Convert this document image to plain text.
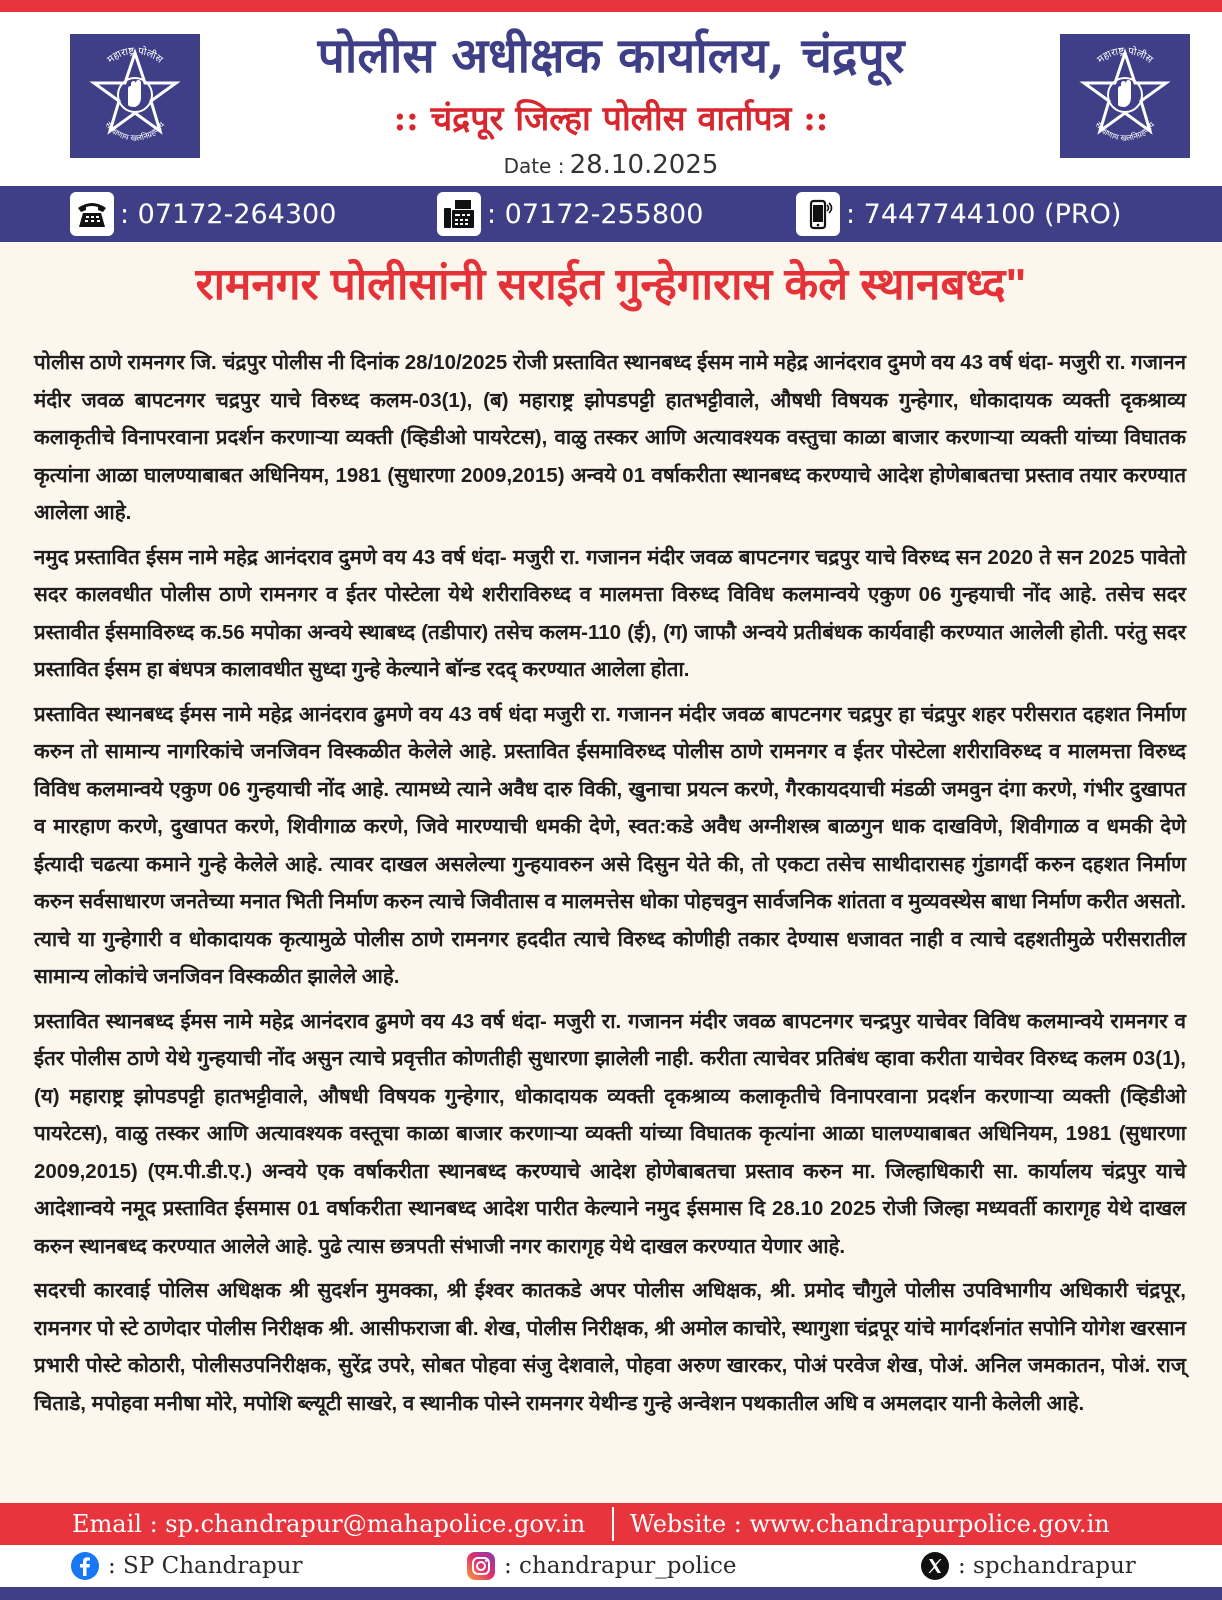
महाराष्ट्र पोलीस
सद्रक्षणाय खलनिग्रहणाय
पोलीस अधीक्षक कार्यालय, चंद्रपूर
:: चंद्रपूर जिल्हा पोलीस वार्तापत्र ::
Date : 28.10.2025
महाराष्ट्र पोलीस
सद्रक्षणाय खलनिग्रहणाय
: 07172-264300	: 07172-255800	: 7447744100 (PRO)
रामनगर पोलीसांनी सराईत गुन्हेगारास केले स्थानबध्द"

पोलीस ठाणे रामनगर जि. चंद्रपुर पोलीस नी दिनांक 28/10/2025 रोजी प्रस्तावित स्थानबध्द ईसम नामे महेद्र आनंदराव दुमणे वय 43 वर्ष धंदा- मजुरी रा. गजानन मंदीर जवळ बापटनगर चद्रपुर याचे विरुध्द कलम-03(1), (ब) महाराष्ट्र झोपडपट्टी हातभट्टीवाले, औषधी विषयक गुन्हेगार, धोकादायक व्यक्ती दृकश्राव्य कलाकृतीचे विनापरवाना प्रदर्शन करणाऱ्या व्यक्ती (व्हिडीओ पायरेटस), वाळु तस्कर आणि अत्यावश्यक वस्तुचा काळा बाजार करणाऱ्या व्यक्ती यांच्या विघातक कृत्यांना आळा घालण्याबाबत अधिनियम, 1981 (सुधारणा 2009,2015) अन्वये 01 वर्षाकरीता स्थानबध्द करण्याचे आदेश होणेबाबतचा प्रस्ताव तयार करण्यात आलेला आहे.

नमुद प्रस्तावित ईसम नामे महेद्र आनंदराव दुमणे वय 43 वर्ष धंदा- मजुरी रा. गजानन मंदीर जवळ बापटनगर चद्रपुर याचे विरुध्द सन 2020 ते सन 2025 पावेतो सदर कालवधीत पोलीस ठाणे रामनगर व ईतर पोस्टेला येथे शरीराविरुध्द व मालमत्ता विरुध्द विविध कलमान्वये एकुण 06 गुन्हयाची नोंद आहे. तसेच सदर प्रस्तावीत ईसमाविरुध्द क.56 मपोका अन्वये स्थाबध्द (तडीपार) तसेच कलम-110 (ई), (ग) जाफौ अन्वये प्रतीबंधक कार्यवाही करण्यात आलेली होती. परंतु सदर प्रस्तावित ईसम हा बंधपत्र कालावधीत सुध्दा गुन्हे केल्याने बॉन्ड रदद् करण्यात आलेला होता.

प्रस्तावित स्थानबध्द ईमस नामे महेद्र आनंदराव ढुमणे वय 43 वर्ष धंदा मजुरी रा. गजानन मंदीर जवळ बापटनगर चद्रपुर हा चंद्रपुर शहर परीसरात दहशत निर्माण करुन तो सामान्य नागरिकांचे जनजिवन विस्कळीत केलेले आहे. प्रस्तावित ईसमाविरुध्द पोलीस ठाणे रामनगर व ईतर पोस्टेला शरीराविरुध्द व मालमत्ता विरुध्द विविध कलमान्वये एकुण 06 गुन्हयाची नोंद आहे. त्यामध्ये त्याने अवैध दारु विकी, खुनाचा प्रयत्न करणे, गैरकायदयाची मंडळी जमवुन दंगा करणे, गंभीर दुखापत व मारहाण करणे, दुखापत करणे, शिवीगाळ करणे, जिवे मारण्याची धमकी देणे, स्वत:कडे अवैध अग्नीशस्त्र बाळगुन धाक दाखविणे, शिवीगाळ व धमकी देणे ईत्यादी चढत्या कमाने गुन्हे केलेले आहे. त्यावर दाखल असलेल्या गुन्हयावरुन असे दिसुन येते की, तो एकटा तसेच साथीदारासह गुंडागर्दी करुन दहशत निर्माण करुन सर्वसाधारण जनतेच्या मनात भिती निर्माण करुन त्याचे जिवीतास व मालमत्तेस धोका पोहचवुन सार्वजनिक शांतता व मुव्यवस्थेस बाधा निर्माण करीत असतो. त्याचे या गुन्हेगारी व धोकादायक कृत्यामुळे पोलीस ठाणे रामनगर हददीत त्याचे विरुध्द कोणीही तकार देण्यास धजावत नाही व त्याचे दहशतीमुळे परीसरातील सामान्य लोकांचे जनजिवन विस्कळीत झालेले आहे.

प्रस्तावित स्थानबध्द ईमस नामे महेद्र आनंदराव ढुमणे वय 43 वर्ष धंदा- मजुरी रा. गजानन मंदीर जवळ बापटनगर चन्द्रपुर याचेवर विविध कलमान्वये रामनगर व ईतर पोलीस ठाणे येथे गुन्हयाची नोंद असुन त्याचे प्रवृत्तीत कोणतीही सुधारणा झालेली नाही. करीता त्याचेवर प्रतिबंध व्हावा करीता याचेवर विरुध्द कलम 03(1), (य) महाराष्ट्र झोपडपट्टी हातभट्टीवाले, औषधी विषयक गुन्हेगार, धोकादायक व्यक्ती दृकश्राव्य कलाकृतीचे विनापरवाना प्रदर्शन करणाऱ्या व्यक्ती (व्हिडीओ पायरेटस), वाळु तस्कर आणि अत्यावश्यक वस्तूचा काळा बाजार करणाऱ्या व्यक्ती यांच्या विघातक कृत्यांना आळा घालण्याबाबत अधिनियम, 1981 (सुधारणा 2009,2015) (एम.पी.डी.ए.) अन्वये एक वर्षाकरीता स्थानबध्द करण्याचे आदेश होणेबाबतचा प्रस्ताव करुन मा. जिल्हाधिकारी सा. कार्यालय चंद्रपुर याचे आदेशान्वये नमूद प्रस्तावित ईसमास 01 वर्षाकरीता स्थानबध्द आदेश पारीत केल्याने नमुद ईसमास दि 28.10 2025 रोजी जिल्हा मध्यवर्ती कारागृह येथे दाखल करुन स्थानबध्द करण्यात आलेले आहे. पुढे त्यास छत्रपती संभाजी नगर कारागृह येथे दाखल करण्यात येणार आहे.

सदरची कारवाई पोलिस अधिक्षक श्री सुदर्शन मुमक्का, श्री ईश्वर कातकडे अपर पोलीस अधिक्षक, श्री. प्रमोद चौगुले पोलीस उपविभागीय अधिकारी चंद्रपूर, रामनगर पो स्टे ठाणेदार पोलीस निरीक्षक श्री. आसीफराजा बी. शेख, पोलीस निरीक्षक, श्री अमोल काचोरे, स्थागुशा चंद्रपूर यांचे मार्गदर्शनांत सपोनि योगेश खरसान प्रभारी पोस्टे कोठारी, पोलीसउपनिरीक्षक, सुरेंद्र उपरे, सोबत पोहवा संजु देशवाले, पोहवा अरुण खारकर, पोअं परवेज शेख, पोअं. अनिल जमकातन, पोअं. राज् चिताडे, मपोहवा मनीषा मोरे, मपोशि ब्ल्यूटी साखरे, व स्थानीक पोस्ने रामनगर येथीन्ड गुन्हे अन्वेशन पथकातील अधि व अमलदार यानी केलेली आहे.

Email : sp.chandrapur@mahapolice.gov.in Website : www.chandrapurpolice.gov.in
: SP Chandrapur	: chandrapur_police	: spchandrapur
